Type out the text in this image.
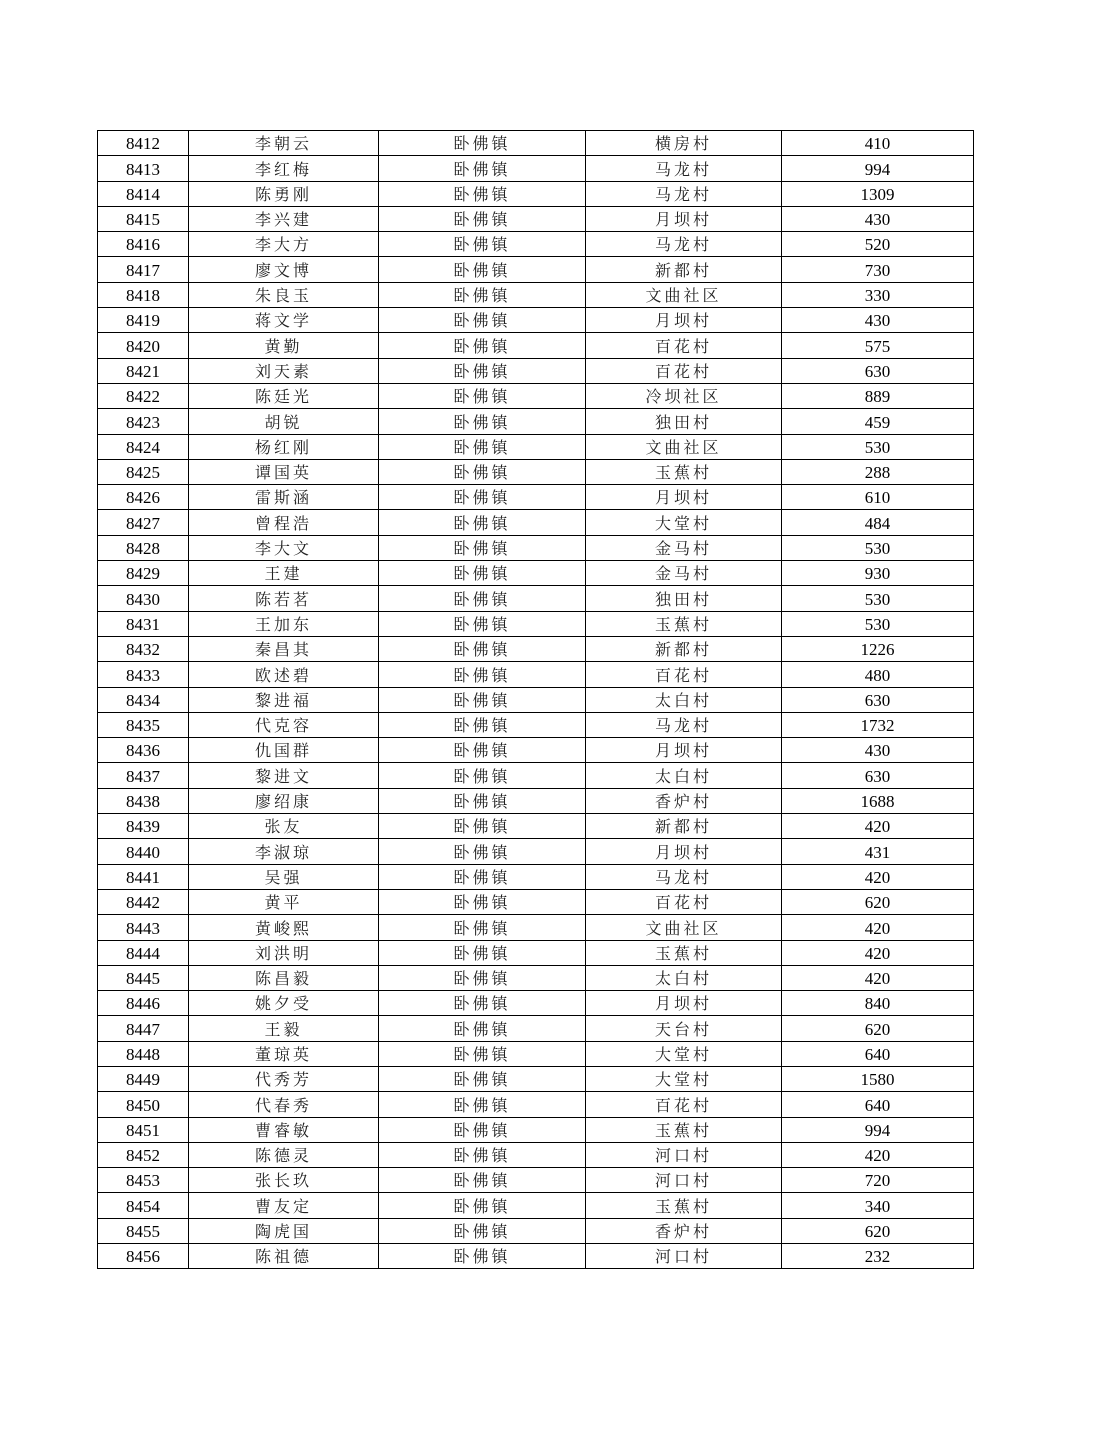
8412	李朝云	卧佛镇	横房村	410
8413	李红梅	卧佛镇	马龙村	994
8414	陈勇刚	卧佛镇	马龙村	1309
8415	李兴建	卧佛镇	月坝村	430
8416	李大方	卧佛镇	马龙村	520
8417	廖文博	卧佛镇	新都村	730
8418	朱良玉	卧佛镇	文曲社区	330
8419	蒋文学	卧佛镇	月坝村	430
8420	黄勤	卧佛镇	百花村	575
8421	刘天素	卧佛镇	百花村	630
8422	陈廷光	卧佛镇	冷坝社区	889
8423	胡锐	卧佛镇	独田村	459
8424	杨红刚	卧佛镇	文曲社区	530
8425	谭国英	卧佛镇	玉蕉村	288
8426	雷斯涵	卧佛镇	月坝村	610
8427	曾程浩	卧佛镇	大堂村	484
8428	李大文	卧佛镇	金马村	530
8429	王建	卧佛镇	金马村	930
8430	陈若茗	卧佛镇	独田村	530
8431	王加东	卧佛镇	玉蕉村	530
8432	秦昌其	卧佛镇	新都村	1226
8433	欧述碧	卧佛镇	百花村	480
8434	黎进福	卧佛镇	太白村	630
8435	代克容	卧佛镇	马龙村	1732
8436	仇国群	卧佛镇	月坝村	430
8437	黎进文	卧佛镇	太白村	630
8438	廖绍康	卧佛镇	香炉村	1688
8439	张友	卧佛镇	新都村	420
8440	李淑琼	卧佛镇	月坝村	431
8441	吴强	卧佛镇	马龙村	420
8442	黄平	卧佛镇	百花村	620
8443	黄峻熙	卧佛镇	文曲社区	420
8444	刘洪明	卧佛镇	玉蕉村	420
8445	陈昌毅	卧佛镇	太白村	420
8446	姚夕受	卧佛镇	月坝村	840
8447	王毅	卧佛镇	天台村	620
8448	董琼英	卧佛镇	大堂村	640
8449	代秀芳	卧佛镇	大堂村	1580
8450	代春秀	卧佛镇	百花村	640
8451	曹睿敏	卧佛镇	玉蕉村	994
8452	陈德灵	卧佛镇	河口村	420
8453	张长玖	卧佛镇	河口村	720
8454	曹友定	卧佛镇	玉蕉村	340
8455	陶虎国	卧佛镇	香炉村	620
8456	陈祖德	卧佛镇	河口村	232
